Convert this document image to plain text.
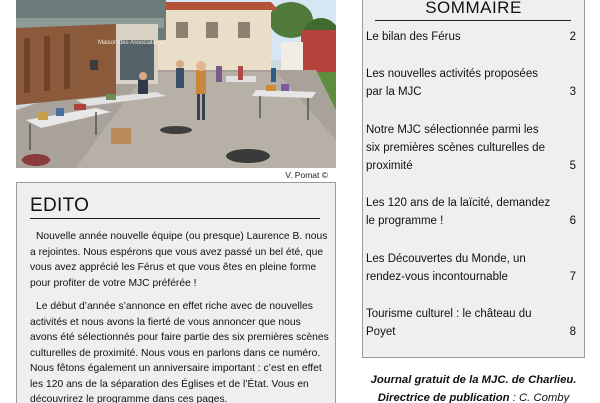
Maison des Associations
V. Pomat ©
EDITO

Nouvelle année nouvelle équipe (ou presque) Laurence B. nous a rejointes. Nous espérons que vous avez passé un bel été, que vous avez apprécié les Férus et que vous êtes en pleine forme pour profiter de votre MJC préférée !

Le début d’année s’annonce en effet riche avec de nouvelles activités et nous avons la fierté de vous annoncer que nous avons été sélectionnés pour faire partie des six premières scènes culturelles de proximité. Nous vous en parlons dans ce numéro. Nous fêtons également un anniversaire important : c’est en effet les 120 ans de la séparation des Églises et de l’État. Vous en découvrirez le programme dans ces pages.

SOMMAIRE
Le bilan des Férus	2
Les nouvelles activités proposées par la MJC	3
Notre MJC sélectionnée parmi les six premières scènes culturelles de proximité	5
Les 120 ans de la laïcité, demandez le programme !	6
Les Découvertes du Monde, un rendez-vous incontournable	7
Tourisme culturel : le château du Poyet	8
Journal gratuit de la MJC. de Charlieu.
Directrice de publication : C. Comby
